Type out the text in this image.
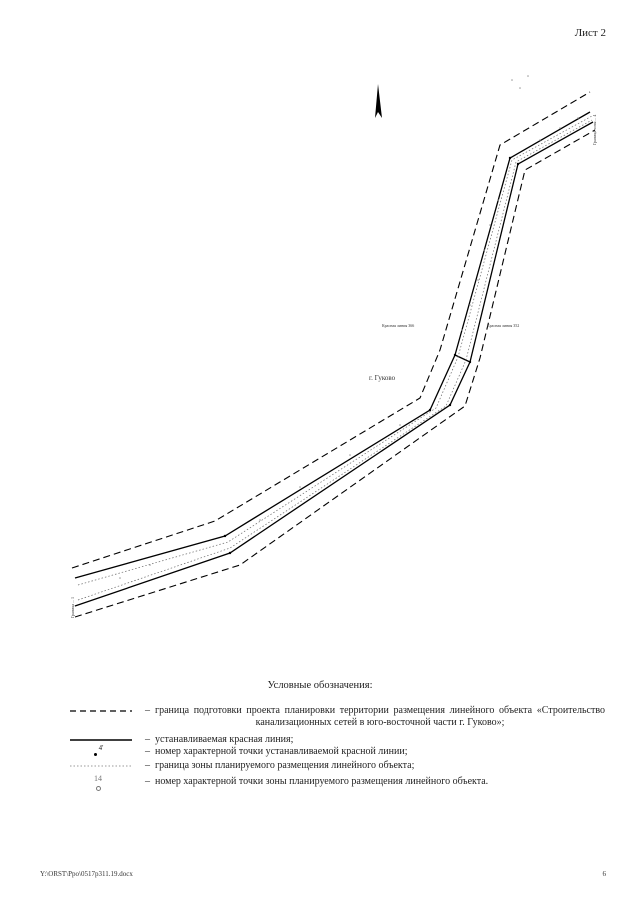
Лист 2
Граница зоны ... 4
Граница ... 1
Красная линия 366	Красная линия 352
г. Гуково
Условные обозначения:
– граница подготовки проекта планировки территории размещения линейного объекта «Строительство канализационных сетей в юго-восточной части г. Гуково»;
– устанавливаемая красная линия;
4'	– номер характерной точки устанавливаемой красной линии;
– граница зоны планируемого размещения линейного объекта;
14	– номер характерной точки зоны планируемого размещения линейного объекта.
Y:\ORST\Ppo\0517p311.19.docx	6
